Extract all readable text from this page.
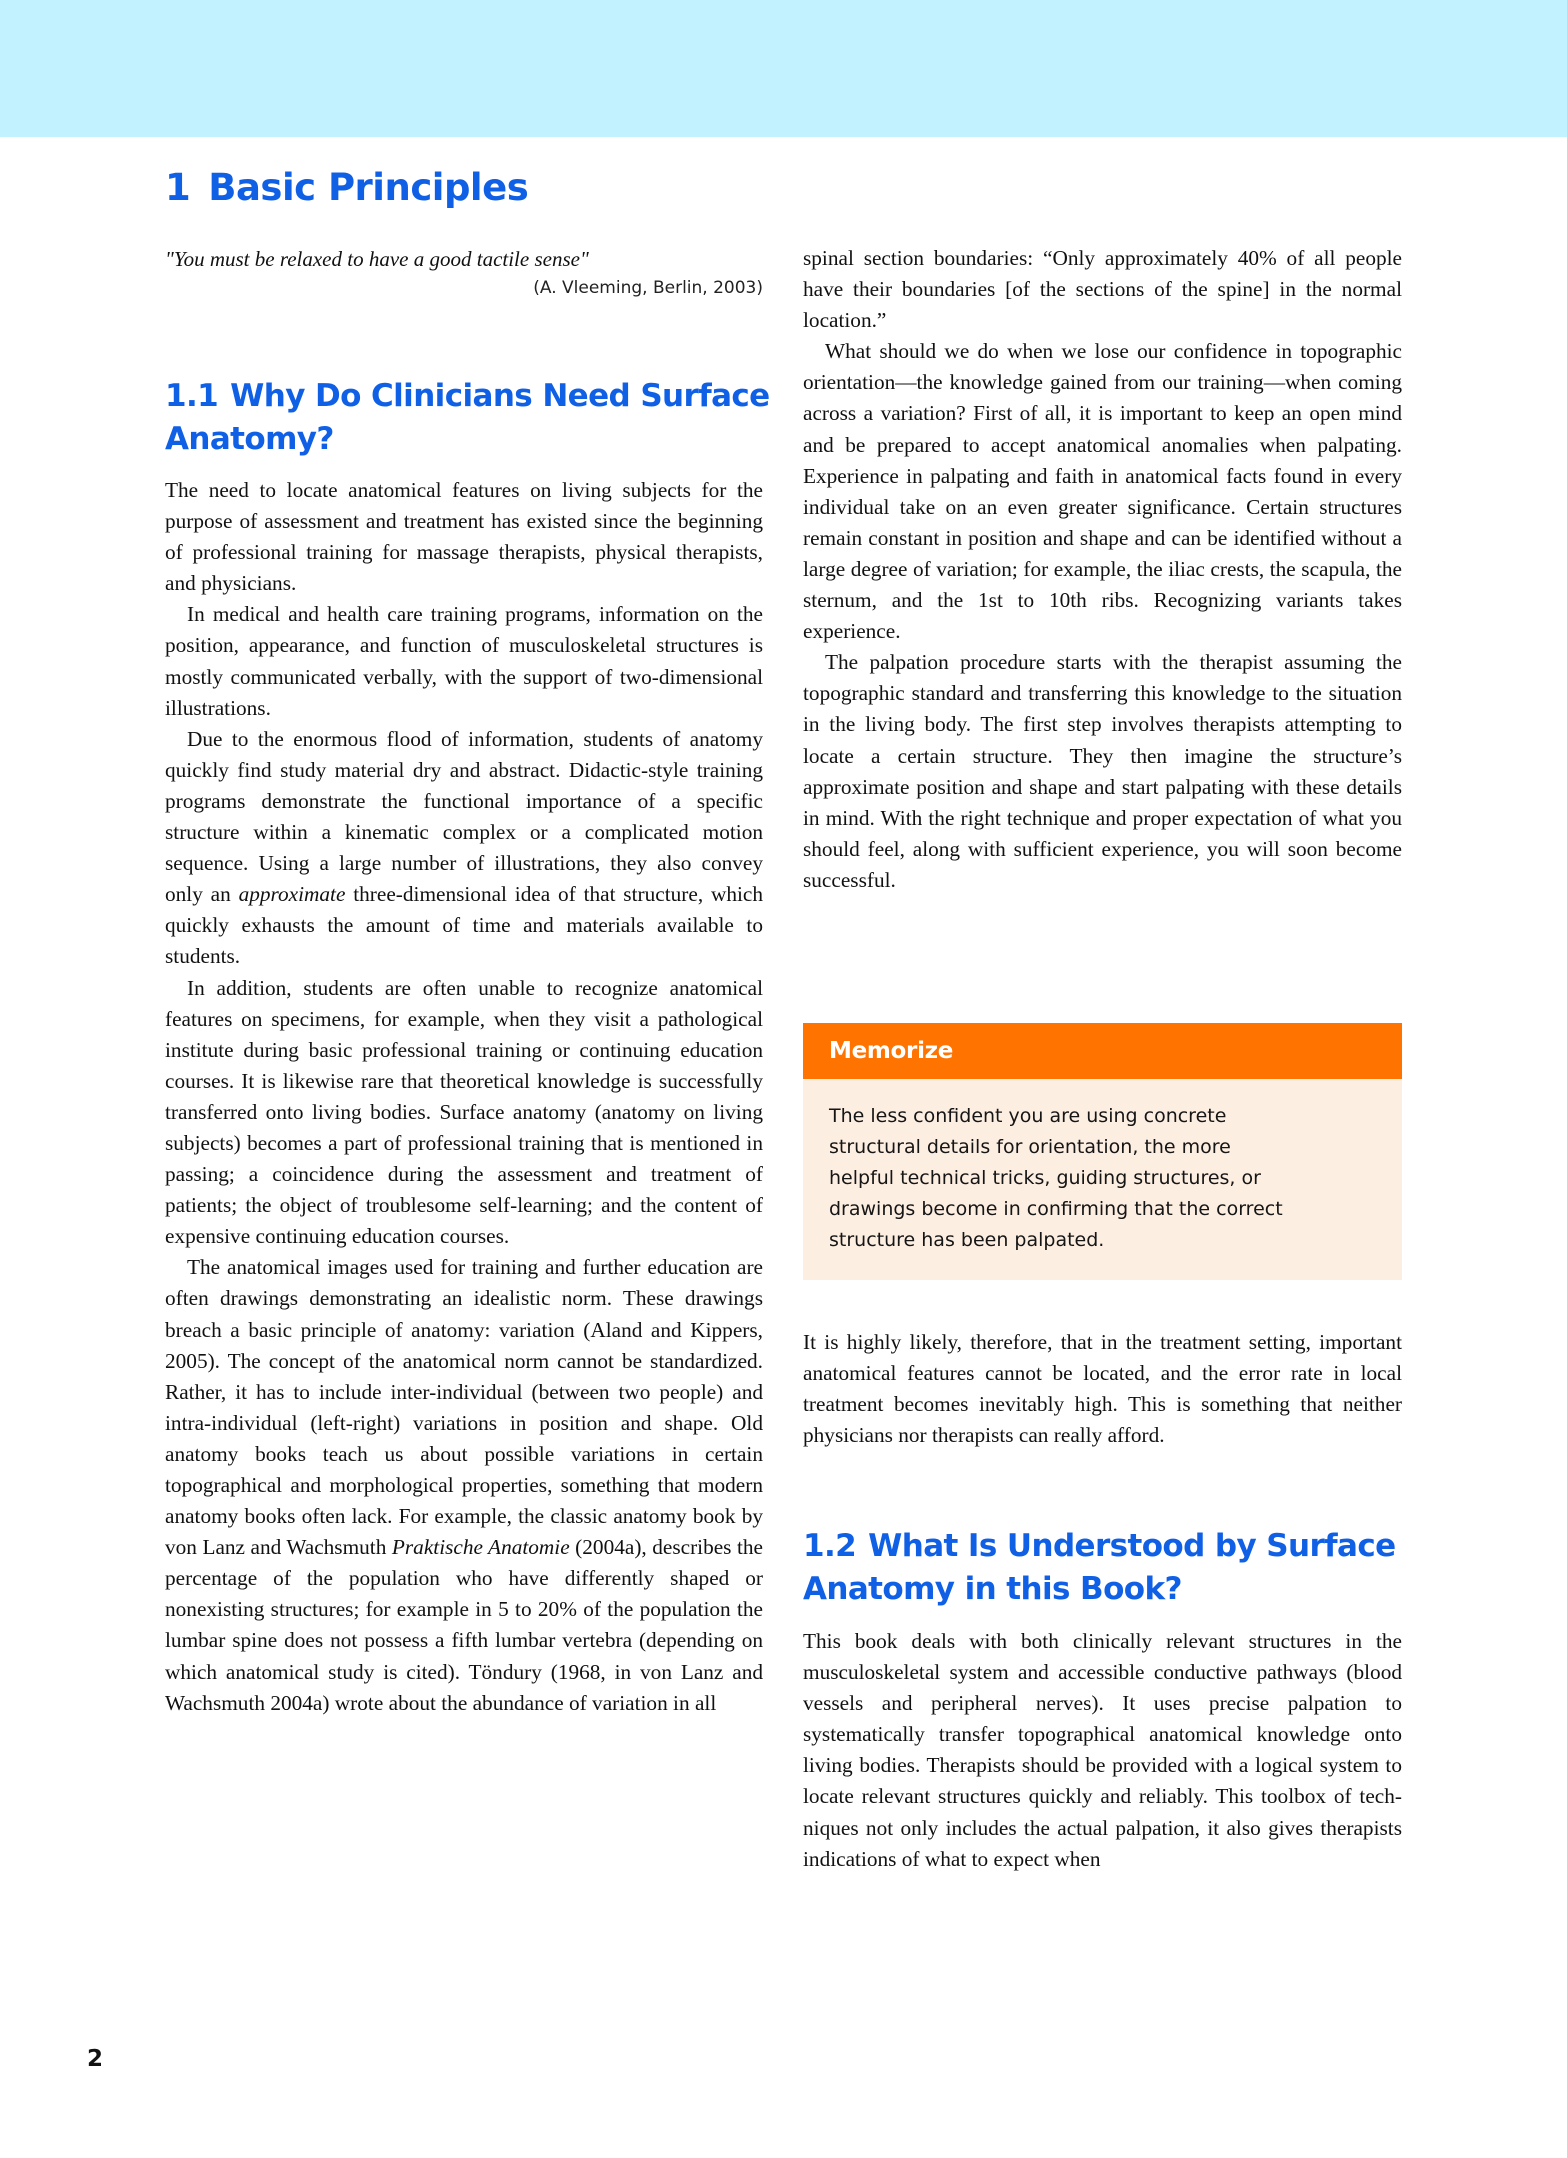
1 Basic Principles
"You must be relaxed to have a good tactile sense"
(A. Vleeming, Berlin, 2003)
1.1 Why Do Clinicians Need Surface Anatomy?

The need to locate anatomical features on living subjects for the purpose of assessment and treatment has existed since the beginning of professional training for massage therapists, physical therapists, and physicians.

In medical and health care training programs, information on the position, appearance, and function of musculoskeletal structures is mostly communicated verbally, with the support of two-dimensional illustrations.

Due to the enormous flood of information, students of anatomy quickly find study material dry and abstract. Didactic-style training programs demonstrate the functional importance of a specific structure within a kinematic complex or a complicated motion sequence. Using a large number of illustrations, they also convey only an approximate three-dimensional idea of that structure, which quickly exhausts the amount of time and materials available to students.

In addition, students are often unable to recognize anatomical features on specimens, for example, when they visit a pathological institute during basic professional training or continuing education courses. It is likewise rare that theoretical knowledge is successfully transferred onto living bodies. Surface anatomy (anatomy on living subjects) becomes a part of professional training that is mentioned in passing; a coincidence during the assessment and treatment of patients; the object of troublesome self-learning; and the content of expensive continuing education courses.

The anatomical images used for training and further education are often drawings demonstrating an idealistic norm. These drawings breach a basic principle of anatomy: variation (Aland and Kippers, 2005). The concept of the anatomical norm cannot be standardized. Rather, it has to include inter-individual (between two people) and intra-individual (left-right) variations in position and shape. Old anatomy books teach us about possible variations in certain topographical and morphological properties, something that modern anatomy books often lack. For example, the classic anatomy book by von Lanz and Wachsmuth Praktische Anatomie (2004a), describes the percentage of the population who have differently shaped or nonexisting structures; for example in 5 to 20% of the population the lumbar spine does not possess a fifth lumbar vertebra (depending on which anatomical study is cited). Töndury (1968, in von Lanz and Wachsmuth 2004a) wrote about the abundance of variation in all

spinal section boundaries: “Only approximately 40% of all people have their boundaries [of the sections of the spine] in the normal location.”

What should we do when we lose our confidence in topographic orientation—the knowledge gained from our training—when coming across a variation? First of all, it is important to keep an open mind and be prepared to accept anatomical anomalies when palpating. Experience in palpating and faith in anatomical facts found in every individual take on an even greater significance. Certain structures remain constant in position and shape and can be identified without a large degree of variation; for example, the iliac crests, the scapula, the sternum, and the 1st to 10th ribs. Recognizing variants takes experience.

The palpation procedure starts with the therapist assuming the topographic standard and transferring this knowledge to the situation in the living body. The first step involves therapists attempting to locate a certain structure. They then imagine the structure’s approximate position and shape and start palpating with these details in mind. With the right technique and proper expectation of what you should feel, along with sufficient experience, you will soon become successful.

Memorize
The less confident you are using concrete structural details for orientation, the more helpful technical tricks, guiding structures, or drawings become in confirming that the correct structure has been palpated.

It is highly likely, therefore, that in the treatment setting, important anatomical features cannot be located, and the error rate in local treatment becomes inevitably high. This is something that neither physicians nor therapists can really afford.

1.2 What Is Understood by Surface Anatomy in this Book?

This book deals with both clinically relevant structures in the musculoskeletal system and accessible conductive pathways (blood vessels and peripheral nerves). It uses precise palpation to systematically transfer topographical anatomical knowledge onto living bodies. Therapists should be provided with a logical system to locate relevant structures quickly and reliably. This toolbox of techniques not only includes the actual palpation, it also gives therapists indications of what to expect when

2
